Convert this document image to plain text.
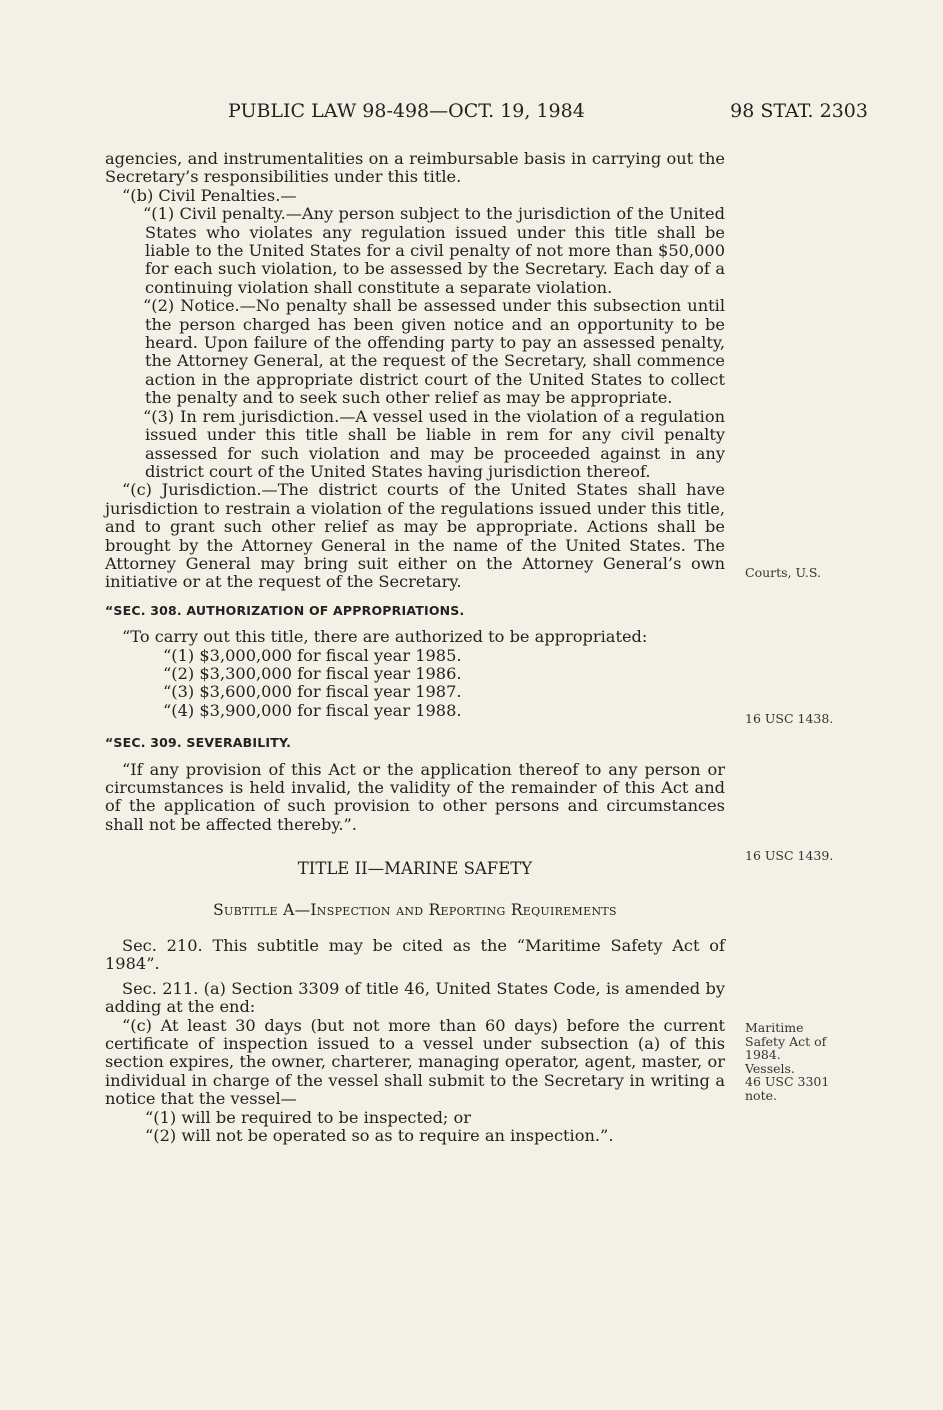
PUBLIC LAW 98-498—OCT. 19, 1984	98 STAT. 2303

agencies, and instrumentalities on a reimbursable basis in carrying out the Secretary’s responsibilities under this title.

“(b) Civil Penalties.—

“(1) Civil penalty.—Any person subject to the jurisdiction of the United States who violates any regulation issued under this title shall be liable to the United States for a civil penalty of not more than $50,000 for each such violation, to be assessed by the Secretary. Each day of a continuing violation shall constitute a separate violation.

“(2) Notice.—No penalty shall be assessed under this subsection until the person charged has been given notice and an opportunity to be heard. Upon failure of the offending party to pay an assessed penalty, the Attorney General, at the request of the Secretary, shall commence action in the appropriate district court of the United States to collect the penalty and to seek such other relief as may be appropriate.

“(3) In rem jurisdiction.—A vessel used in the violation of a regulation issued under this title shall be liable in rem for any civil penalty assessed for such violation and may be proceeded against in any district court of the United States having jurisdiction thereof.

“(c) Jurisdiction.—The district courts of the United States shall have jurisdiction to restrain a violation of the regulations issued under this title, and to grant such other relief as may be appropriate. Actions shall be brought by the Attorney General in the name of the United States. The Attorney General may bring suit either on the Attorney General’s own initiative or at the request of the Secretary.

“SEC. 308. AUTHORIZATION OF APPROPRIATIONS.

“To carry out this title, there are authorized to be appropriated:

“(1) $3,000,000 for fiscal year 1985.

“(2) $3,300,000 for fiscal year 1986.

“(3) $3,600,000 for fiscal year 1987.

“(4) $3,900,000 for fiscal year 1988.

“SEC. 309. SEVERABILITY.

“If any provision of this Act or the application thereof to any person or circumstances is held invalid, the validity of the remainder of this Act and of the application of such provision to other persons and circumstances shall not be affected thereby.”.

TITLE II—MARINE SAFETY

Subtitle A—Inspection and Reporting Requirements

Sec. 210. This subtitle may be cited as the “Maritime Safety Act of 1984”.

Sec. 211. (a) Section 3309 of title 46, United States Code, is amended by adding at the end:

“(c) At least 30 days (but not more than 60 days) before the current certificate of inspection issued to a vessel under subsection (a) of this section expires, the owner, charterer, managing operator, agent, master, or individual in charge of the vessel shall submit to the Secretary in writing a notice that the vessel—

“(1) will be required to be inspected; or

“(2) will not be operated so as to require an inspection.”.

Courts, U.S.
16 USC 1438.
16 USC 1439.
Maritime
Safety Act of
1984.
Vessels.
46 USC 3301
note.
